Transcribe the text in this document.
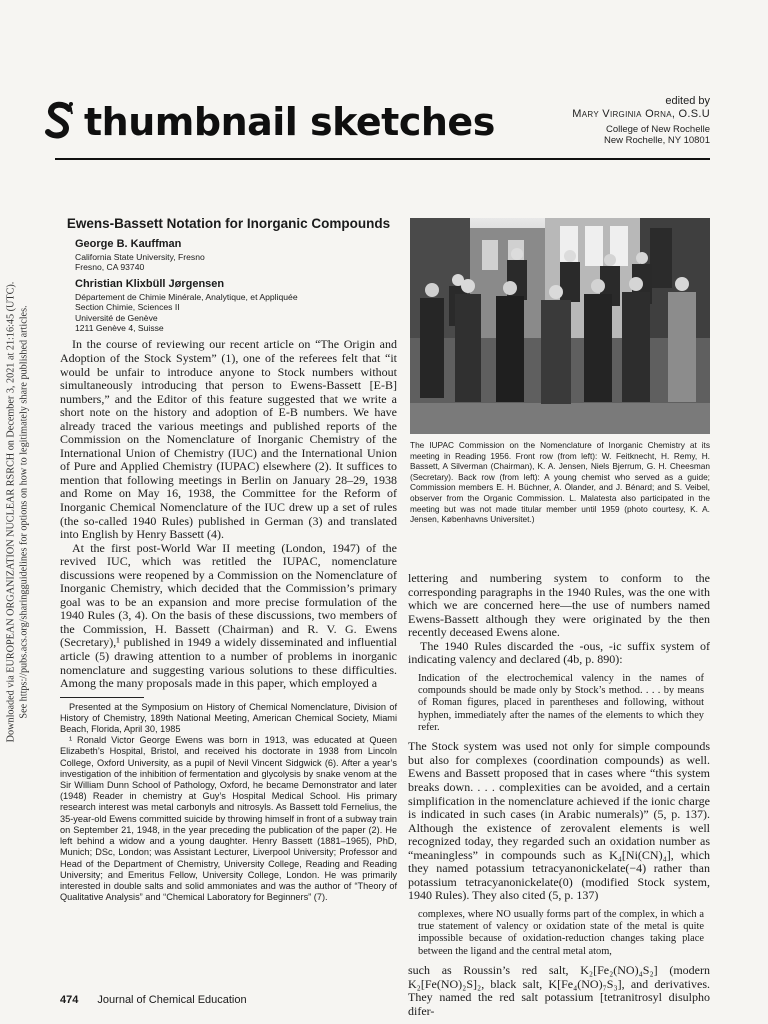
Downloaded via EUROPEAN ORGANIZATION NUCLEAR RSRCH on December 3, 2021 at 21:16:45 (UTC). See https://pubs.acs.org/sharingguidelines for options on how to legitimately share published articles.
thumbnail sketches	edited by
Mary Virginia Orna, O.S.U
College of New Rochelle
New Rochelle, NY 10801
Ewens-Bassett Notation for Inorganic Compounds
George B. Kauffman
California State University, Fresno
Fresno, CA 93740
Christian Klixbüll Jørgensen
Département de Chimie Minérale, Analytique, et Appliquée
Section Chimie, Sciences II
Université de Genève
1211 Genève 4, Suisse

In the course of reviewing our recent article on “The Origin and Adoption of the Stock System” (1), one of the referees felt that “it would be unfair to introduce anyone to Stock numbers without simultaneously introducing that person to Ewens-Bassett [E-B] numbers,” and the Editor of this feature suggested that we write a short note on the history and adoption of E-B numbers. We have already traced the various meetings and published reports of the Commission on the Nomenclature of Inorganic Chemistry of the International Union of Chemistry (IUC) and the International Union of Pure and Applied Chemistry (IUPAC) elsewhere (2). It suffices to mention that following meetings in Berlin on January 28–29, 1938 and Rome on May 16, 1938, the Committee for the Reform of Inorganic Chemical Nomenclature of the IUC drew up a set of rules (the so-called 1940 Rules) published in German (3) and translated into English by Henry Bassett (4).

At the first post-World War II meeting (London, 1947) of the revived IUC, which was retitled the IUPAC, nomenclature discussions were reopened by a Commission on the Nomenclature of Inorganic Chemistry, which decided that the Commission’s primary goal was to be an expansion and more precise formulation of the 1940 Rules (3, 4). On the basis of these discussions, two members of the Commission, H. Bassett (Chairman) and R. V. G. Ewens (Secretary),¹ published in 1949 a widely disseminated and influential article (5) drawing attention to a number of problems in inorganic nomenclature and suggesting various solutions to these difficulties. Among the many proposals made in this paper, which employed a

Presented at the Symposium on History of Chemical Nomenclature, Division of History of Chemistry, 189th National Meeting, American Chemical Society, Miami Beach, Florida, April 30, 1985

¹ Ronald Victor George Ewens was born in 1913, was educated at Queen Elizabeth’s Hospital, Bristol, and received his doctorate in 1938 from Lincoln College, Oxford University, as a pupil of Nevil Vincent Sidgwick (6). After a year’s investigation of the inhibition of fermentation and glycolysis by snake venom at the Sir William Dunn School of Pathology, Oxford, he became Demonstrator and later (1948) Reader in chemistry at Guy’s Hospital Medical School. His primary research interest was metal carbonyls and nitrosyls. As Bassett told Fernelius, the 35-year-old Ewens committed suicide by throwing himself in front of a subway train on September 21, 1948, in the year preceding the publication of the paper (2). He left behind a widow and a young daughter. Henry Bassett (1881–1965), PhD, Munich; DSc, London; was Assistant Lecturer, Liverpool University; Professor and Head of the Department of Chemistry, University College, Reading and Reading University; and Emeritus Fellow, University College, London. He was primarily interested in double salts and solid ammoniates and was the author of “Theory of Qualitative Analysis” and “Chemical Laboratory for Beginners” (7).

The IUPAC Commission on the Nomenclature of Inorganic Chemistry at its meeting in Reading 1956. Front row (from left): W. Feitknecht, H. Remy, H. Bassett, A Silverman (Chairman), K. A. Jensen, Niels Bjerrum, G. H. Cheesman (Secretary). Back row (from left): A young chemist who served as a guide; Commission members E. H. Büchner, A. Ölander, and J. Bénard; and S. Veibel, observer from the Organic Commission. L. Malatesta also participated in the meeting but was not made titular member until 1959 (photo courtesy, K. A. Jensen, Københavns Universitet.)

lettering and numbering system to conform to the corresponding paragraphs in the 1940 Rules, was the one with which we are concerned here—the use of numbers named Ewens-Bassett although they were originated by the then recently deceased Ewens alone.

The 1940 Rules discarded the -ous, -ic suffix system of indicating valency and declared (4b, p. 890):

Indication of the electrochemical valency in the names of compounds should be made only by Stock’s method. . . . by means of Roman figures, placed in parentheses and following, without hyphen, immediately after the names of the elements to which they refer.

The Stock system was used not only for simple compounds but also for complexes (coordination compounds) as well. Ewens and Bassett proposed that in cases where “this system breaks down. . . . complexities can be avoided, and a certain simplification in the nomenclature achieved if the ionic charge is indicated in such cases (in Arabic numerals)” (5, p. 137). Although the existence of zerovalent elements is well recognized today, they regarded such an oxidation number as “meaningless” in compounds such as K₄[Ni(CN)₄], which they named potassium tetracyanonickelate(−4) rather than potassium tetracyanonickelate(0) (modified Stock system, 1940 Rules). They also cited (5, p. 137)

complexes, where NO usually forms part of the complex, in which a true statement of valency or oxidation state of the metal is quite impossible because of oxidation-reduction changes taking place between the ligand and the central metal atom,

such as Roussin’s red salt, K₂[Fe₂(NO)₄S₂] (modern K₂[Fe(NO)₂S]₂, black salt, K[Fe₄(NO)₇S₃], and derivatives. They named the red salt potassium [tetranitrosyl disulpho difer-

474 Journal of Chemical Education
